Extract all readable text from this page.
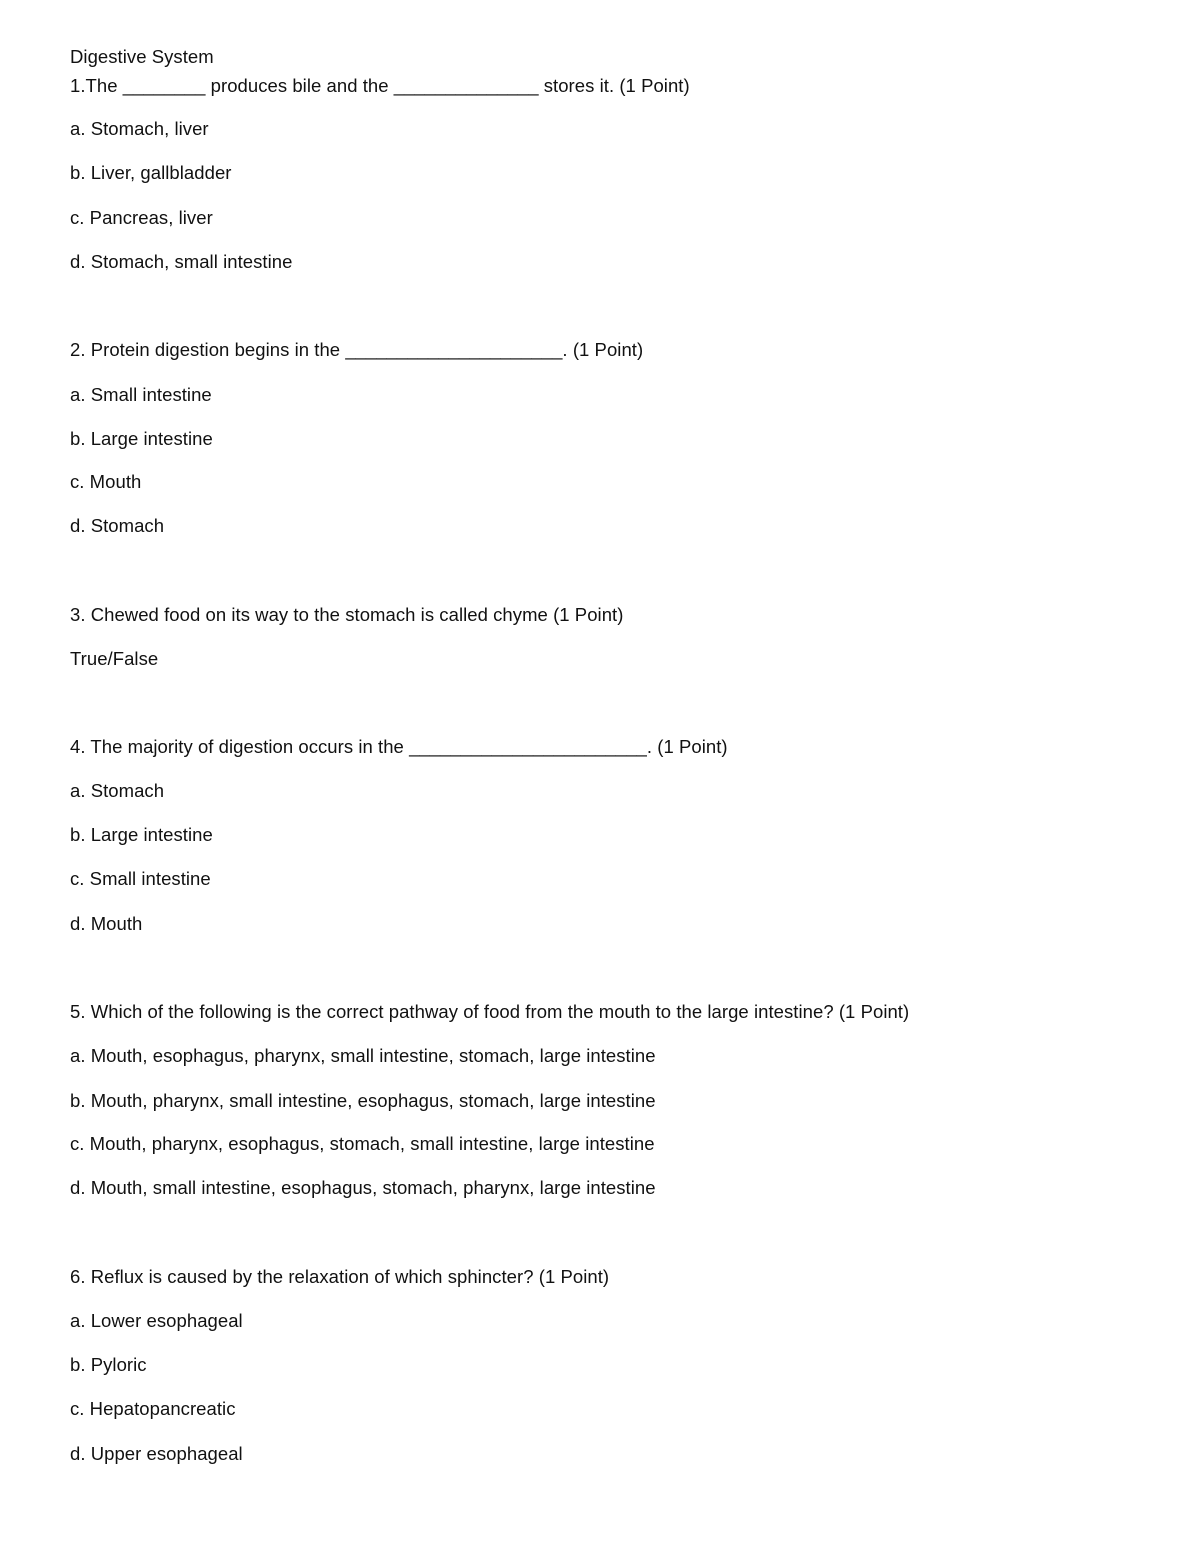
Digestive System
1.The ________ produces bile and the ______________ stores it. (1 Point)
a. Stomach, liver
b. Liver, gallbladder
c. Pancreas, liver
d. Stomach, small intestine
2. Protein digestion begins in the _____________________. (1 Point)
a. Small intestine
b. Large intestine
c. Mouth
d. Stomach
3. Chewed food on its way to the stomach is called chyme (1 Point)
True/False
4. The majority of digestion occurs in the _______________________. (1 Point)
a. Stomach
b. Large intestine
c. Small intestine
d. Mouth
5. Which of the following is the correct pathway of food from the mouth to the large intestine? (1 Point)
a. Mouth, esophagus, pharynx, small intestine, stomach, large intestine
b. Mouth, pharynx, small intestine, esophagus, stomach, large intestine
c. Mouth, pharynx, esophagus, stomach, small intestine, large intestine
d. Mouth, small intestine, esophagus, stomach, pharynx, large intestine
6. Reflux is caused by the relaxation of which sphincter? (1 Point)
a. Lower esophageal
b. Pyloric
c. Hepatopancreatic
d. Upper esophageal
